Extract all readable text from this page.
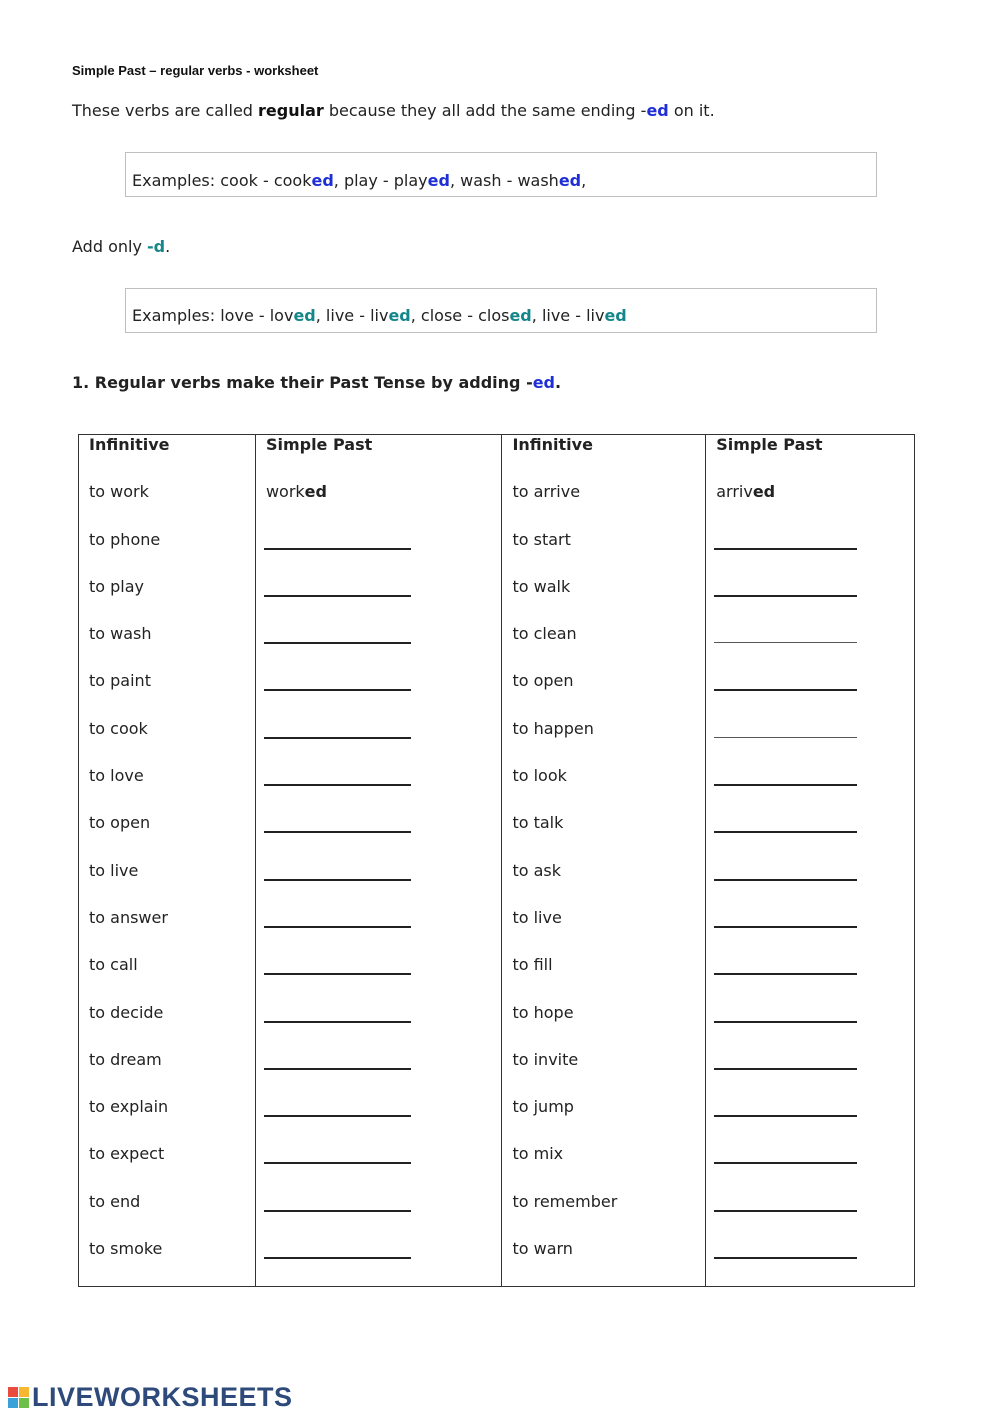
Simple Past – regular verbs - worksheet
These verbs are called regular because they all add the same ending -ed on it.
Examples: cook - cooked, play - played, wash - washed,
Add only -d.
Examples: love - loved, live - lived, close - closed, live - lived
1. Regular verbs make their Past Tense by adding -ed.
Infinitive	Simple Past	Infinitive	Simple Past

to work	worked	to arrive	arrived

to phone		to start	

to play		to walk	

to wash		to clean	

to paint		to open	

to cook		to happen	

to love		to look	

to open		to talk	

to live		to ask	

to answer		to live	

to call		to fill	

to decide		to hope	

to dream		to invite	

to explain		to jump	

to expect		to mix	

to end		to remember	

to smoke		to warn	

LIVEWORKSHEETS
